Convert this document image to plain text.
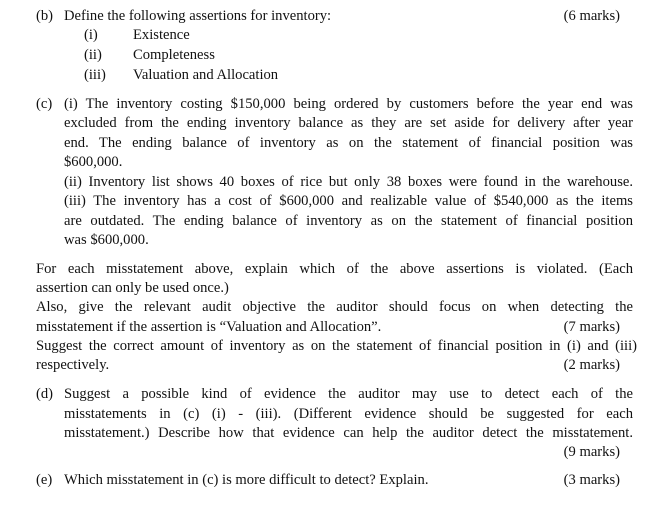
(b) Define the following assertions for inventory:	(6 marks)
(i) Existence
(ii) Completeness
(iii) Valuation and Allocation
(c) (i) The inventory costing $150,000 being ordered by customers before the year end was
excluded from the ending inventory balance as they are set aside for delivery after year
end. The ending balance of inventory as on the statement of financial position was
$600,000.
(ii) Inventory list shows 40 boxes of rice but only 38 boxes were found in the warehouse.
(iii) The inventory has a cost of $600,000 and realizable value of $540,000 as the items
are outdated. The ending balance of inventory as on the statement of financial position
was $600,000.
For each misstatement above, explain which of the above assertions is violated. (Each
assertion can only be used once.)
Also, give the relevant audit objective the auditor should focus on when detecting the
misstatement if the assertion is “Valuation and Allocation”.	(7 marks)
Suggest the correct amount of inventory as on the statement of financial position in (i) and (iii)
respectively.	(2 marks)
(d) Suggest a possible kind of evidence the auditor may use to detect each of the
misstatements in (c) (i) - (iii). (Different evidence should be suggested for each
misstatement.) Describe how that evidence can help the auditor detect the misstatement.
(9 marks)
(e) Which misstatement in (c) is more difficult to detect? Explain.	(3 marks)
